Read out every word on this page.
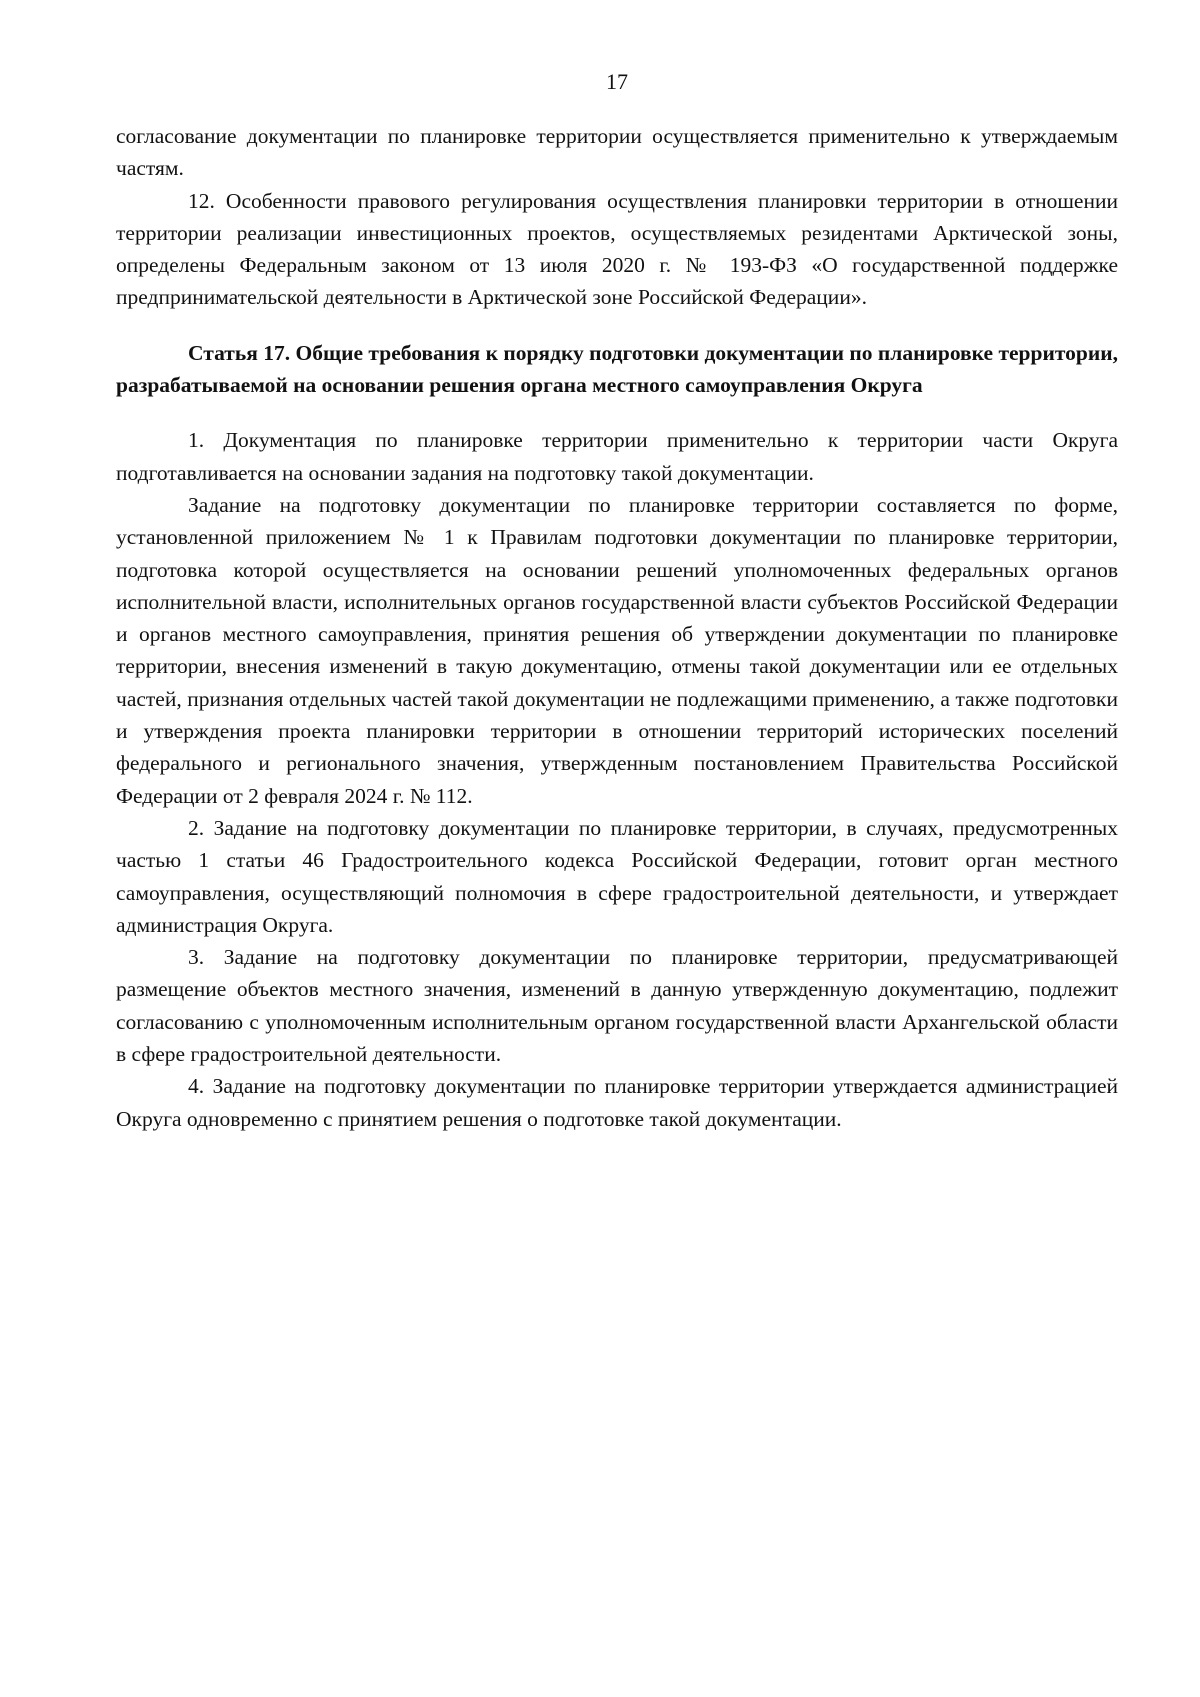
17

согласование документации по планировке территории осуществляется применительно к утверждаемым частям.

12. Особенности правового регулирования осуществления планировки территории в отношении территории реализации инвестиционных проектов, осуществляемых резидентами Арктической зоны, определены Федеральным законом от 13 июля 2020 г. № 193-ФЗ «О государственной поддержке предпринимательской деятельности в Арктической зоне Российской Федерации».

Статья 17. Общие требования к порядку подготовки документации по планировке территории, разрабатываемой на основании решения органа местного самоуправления Округа

1. Документация по планировке территории применительно к территории части Округа подготавливается на основании задания на подготовку такой документации.

Задание на подготовку документации по планировке территории составляется по форме, установленной приложением № 1 к Правилам подготовки документации по планировке территории, подготовка которой осуществляется на основании решений уполномоченных федеральных органов исполнительной власти, исполнительных органов государственной власти субъектов Российской Федерации и органов местного самоуправления, принятия решения об утверждении документации по планировке территории, внесения изменений в такую документацию, отмены такой документации или ее отдельных частей, признания отдельных частей такой документации не подлежащими применению, а также подготовки и утверждения проекта планировки территории в отношении территорий исторических поселений федерального и регионального значения, утвержденным постановлением Правительства Российской Федерации от 2 февраля 2024 г. № 112.

2. Задание на подготовку документации по планировке территории, в случаях, предусмотренных частью 1 статьи 46 Градостроительного кодекса Российской Федерации, готовит орган местного самоуправления, осуществляющий полномочия в сфере градостроительной деятельности, и утверждает администрация Округа.

3. Задание на подготовку документации по планировке территории, предусматривающей размещение объектов местного значения, изменений в данную утвержденную документацию, подлежит согласованию с уполномоченным исполнительным органом государственной власти Архангельской области в сфере градостроительной деятельности.

4. Задание на подготовку документации по планировке территории утверждается администрацией Округа одновременно с принятием решения о подготовке такой документации.
